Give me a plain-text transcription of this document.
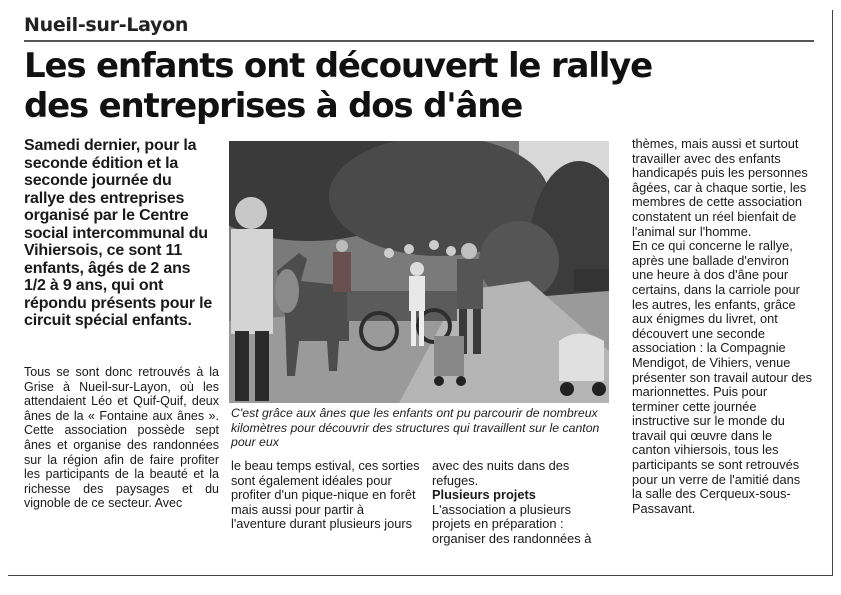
Nueil-sur-Layon
Les enfants ont découvert le rallye
des entreprises à dos d'âne

Samedi dernier, pour la seconde édition et la seconde journée du rallye des entreprises organisé par le Centre social intercommunal du Vihiersois, ce sont 11 enfants, âgés de 2 ans 1/2 à 9 ans, qui ont répondu présents pour le circuit spécial enfants.

Tous se sont donc retrouvés à la Grise à Nueil-sur-Layon, où les attendaient Léo et Quif-Quif, deux ânes de la « Fontaine aux ânes ». Cette association possède sept ânes et organise des randonnées sur la région afin de faire profiter les participants de la beauté et la richesse des paysages et du vignoble de ce secteur. Avec

C'est grâce aux ânes que les enfants ont pu parcourir de nombreux kilomètres pour découvrir des structures qui travaillent sur le canton pour eux

le beau temps estival, ces sorties sont également idéales pour profiter d'un pique-nique en forêt mais aussi pour partir à l'aventure durant plusieurs jours

avec des nuits dans des refuges.

Plusieurs projets

L'association a plusieurs projets en préparation : organiser des randonnées à

thèmes, mais aussi et surtout travailler avec des enfants handicapés puis les personnes âgées, car à chaque sortie, les membres de cette association constatent un réel bienfait de l'animal sur l'homme.

En ce qui concerne le rallye, après une ballade d'environ une heure à dos d'âne pour certains, dans la carriole pour les autres, les enfants, grâce aux énigmes du livret, ont découvert une seconde association : la Compagnie Mendigot, de Vihiers, venue présenter son travail autour des marionnettes. Puis pour terminer cette journée instructive sur le monde du travail qui œuvre dans le canton vihiersois, tous les participants se sont retrouvés pour un verre de l'amitié dans la salle des Cerqueux-sous-Passavant.
